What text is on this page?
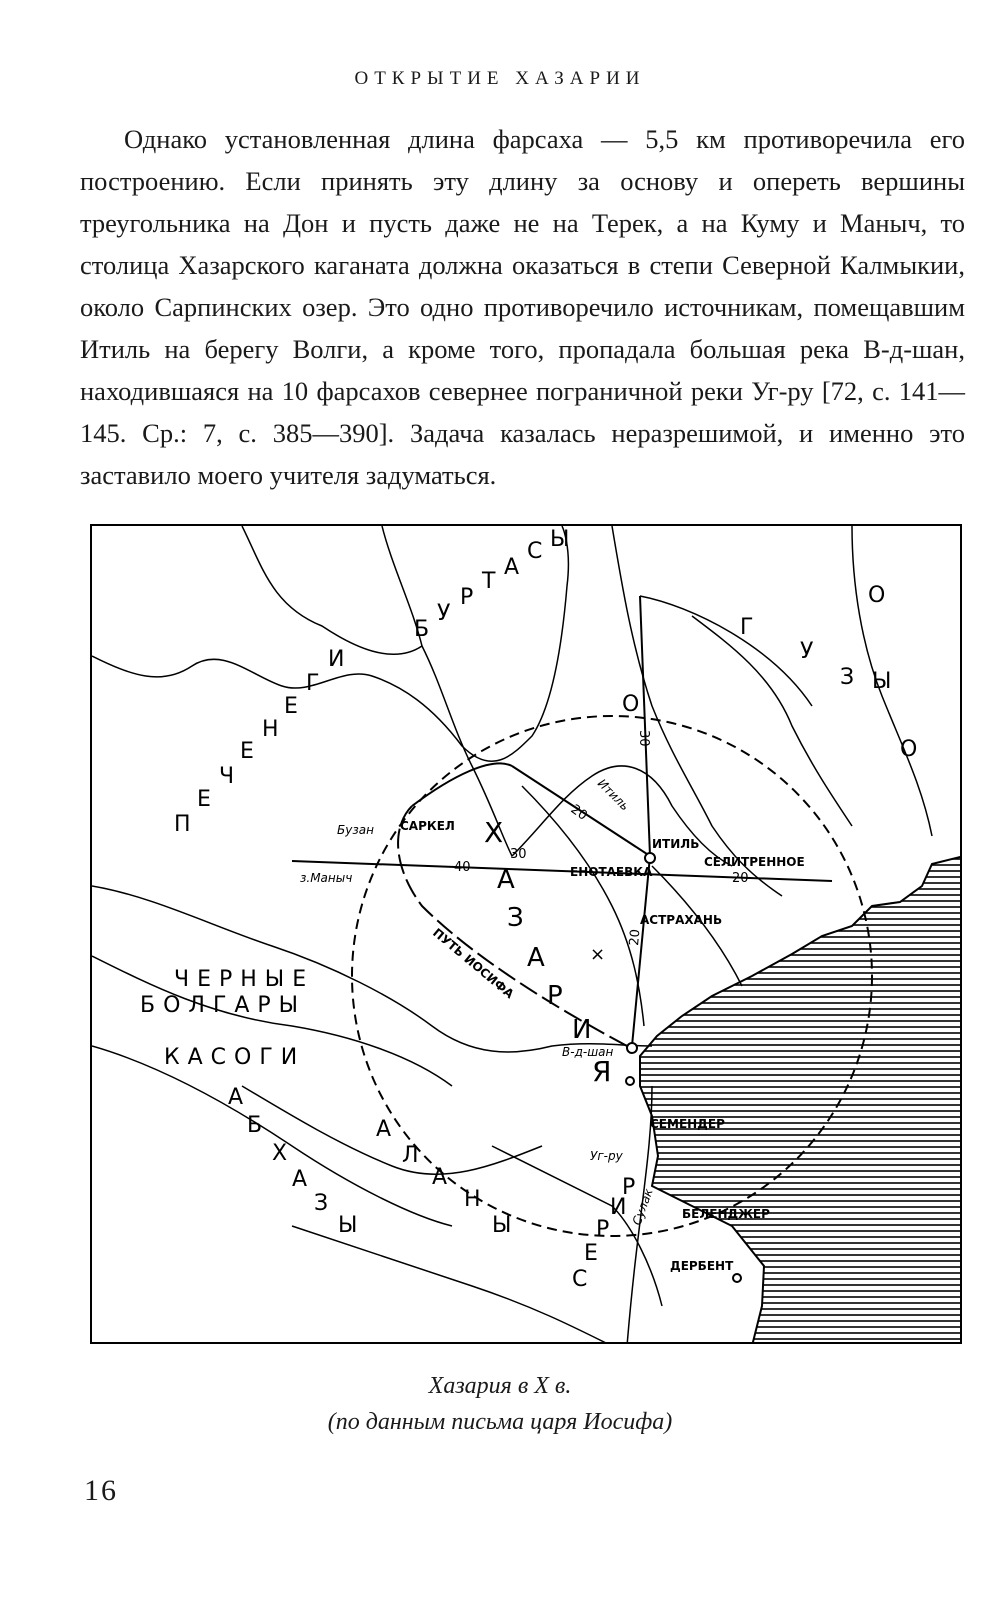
ОТКРЫТИЕ ХАЗАРИИ

Однако установленная длина фарсаха — 5,5 км противоречила его построению. Если принять эту длину за основу и опереть вершины треугольника на Дон и пусть даже не на Терек, а на Куму и Маныч, то столица Хазарского каганата должна оказаться в степи Северной Калмыкии, около Сарпинских озер. Это одно противоречило источникам, помещавшим Итиль на берегу Волги, а кроме того, пропадала большая река В-д-шан, находившаяся на 10 фарсахов севернее пограничной реки Уг-ру [72, с. 141—145. Ср.: 7, с. 385—390]. Задача казалась неразрешимой, и именно это заставило моего учителя задуматься.

П
Е
Ч
Е
Н
Е
Г
И
Б
У
Р
Т
А
С Ы
О
Г
У
З Ы
О
О
Х
А
З
А
Р
И
Я
×
ЧЕРНЫЕ
БОЛГАРЫ
КАСОГИ
А
Б
Х
А
З
Ы
А
Л
А
Н
Ы
С
Е
Р
И
Р
САРКЕЛ
ИТИЛЬ
СЕЛИТРЕННОЕ
ЕНОТАЕВКА
АСТРАХАНЬ
СЕМЕНДЕР
БЕЛЕНДЖЕР
ДЕРБЕНТ
Бузан
з.Маныч
Итиль
В-д-шан
Уг-ру
Сулак
ПУТЬ ИОСИФА
40
30
20
30
20
20
Хазария в X в.
(по данным письма царя Иосифа)
16
